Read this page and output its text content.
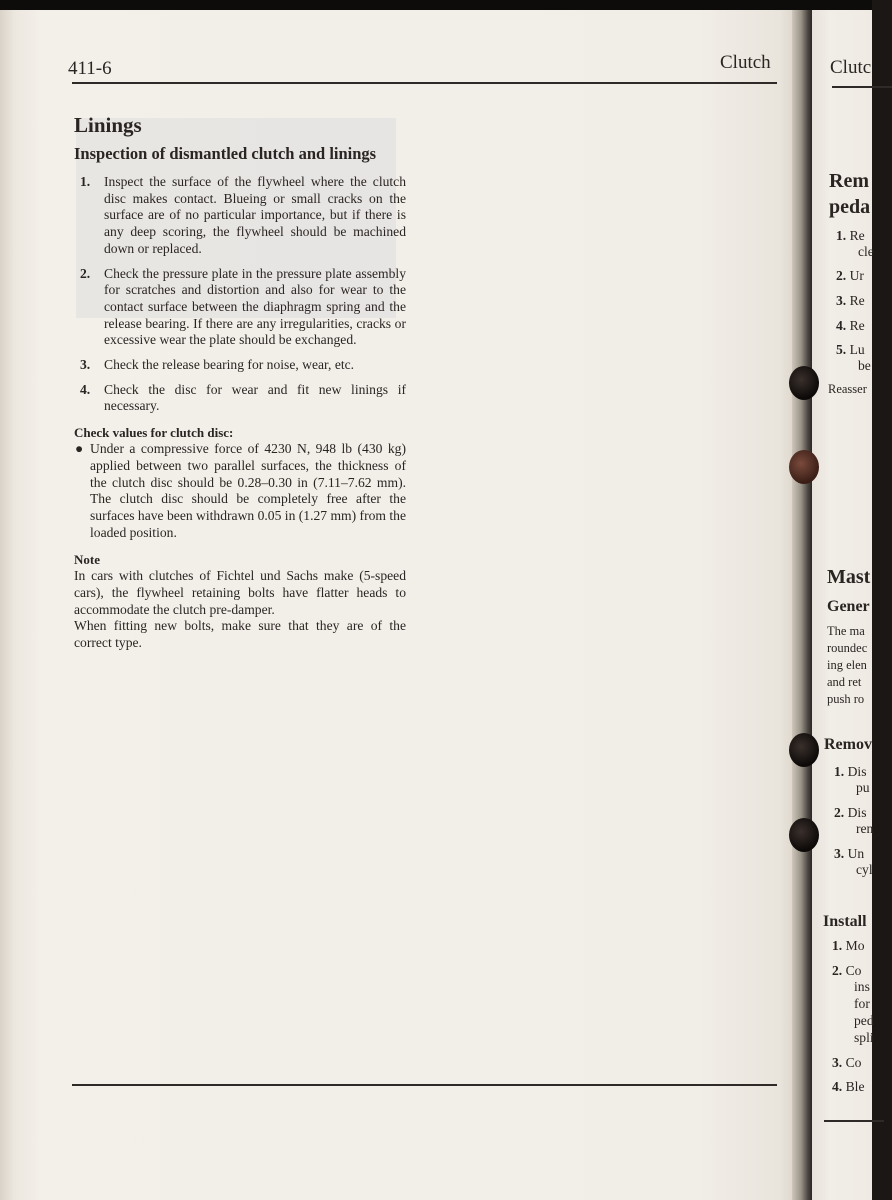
411-6	Clutch
Linings
Inspection of dismantled clutch and linings
1. Inspect the surface of the flywheel where the clutch disc makes contact. Blueing or small cracks on the surface are of no particular importance, but if there is any deep scoring, the flywheel should be machined down or replaced.
2. Check the pressure plate in the pressure plate assembly for scratches and distortion and also for wear to the contact surface between the diaphragm spring and the release bearing. If there are any irregularities, cracks or excessive wear the plate should be exchanged.
3. Check the release bearing for noise, wear, etc.
4. Check the disc for wear and fit new linings if necessary.
Check values for clutch disc:
● Under a compressive force of 4230 N, 948 lb (430 kg) applied between two parallel surfaces, the thickness of the clutch disc should be 0.28–0.30 in (7.11–7.62 mm). The clutch disc should be completely free after the surfaces have been withdrawn 0.05 in (1.27 mm) from the loaded position.
Note

In cars with clutches of Fichtel und Sachs make (5-speed cars), the flywheel retaining bolts have flatter heads to accommodate the clutch pre-damper.

When fitting new bolts, make sure that they are of the correct type.

Clutc
Rem
peda
1. Re
cle
2. Ur
3. Re
4. Re
5. Lu
be
Reasser
Mast
Gener
The ma
roundec
ing elen
and ret
push ro
Remov
1. Dis
pu
2. Dis
ren
3. Un
cyl
Install
1. Mo
2. Co
ins
for
ped
spli
3. Co
4. Ble
